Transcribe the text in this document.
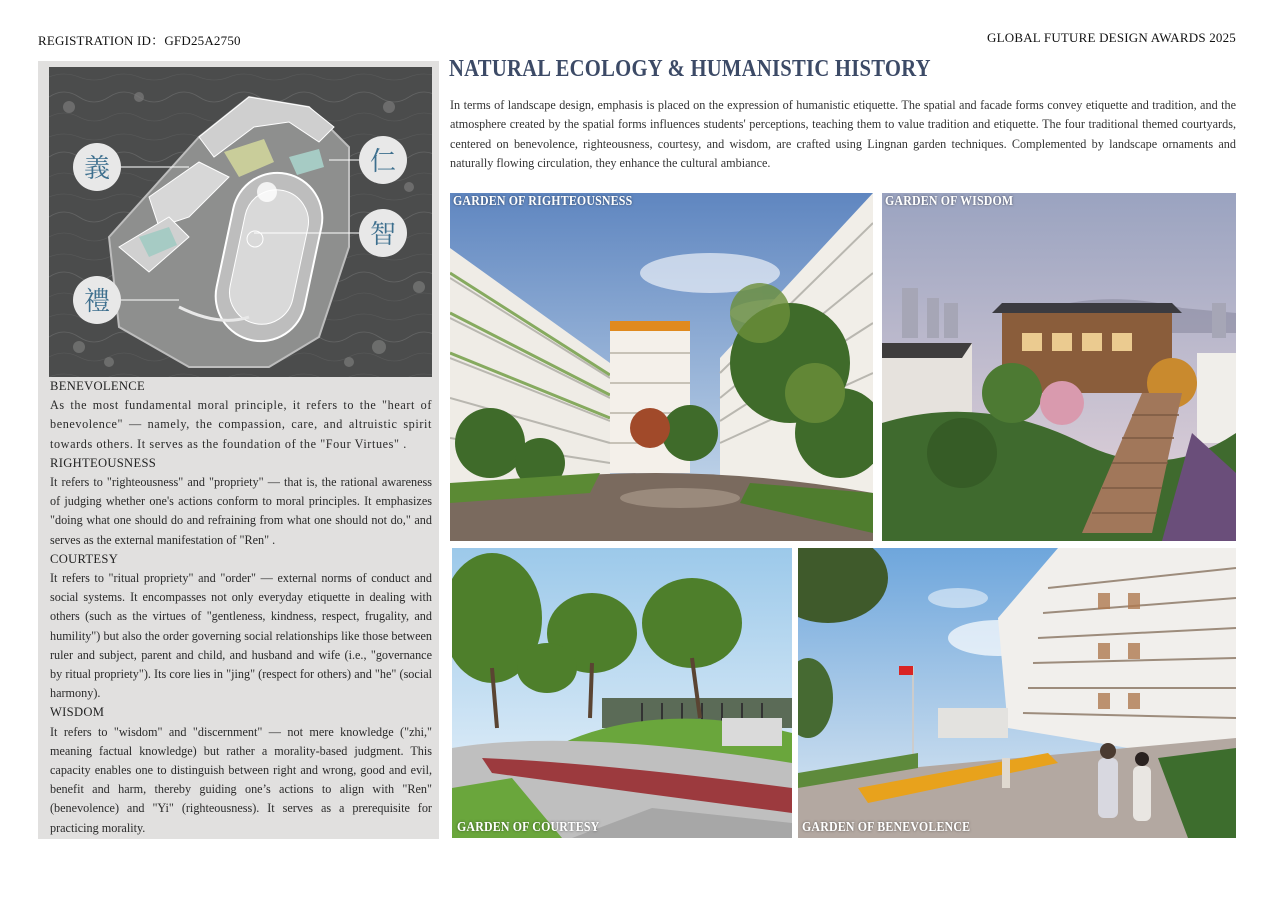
REGISTRATION ID：GFD25A2750	GLOBAL FUTURE DESIGN AWARDS 2025
義
禮
仁
智
BENEVOLENCE

As the most fundamental moral principle, it refers to the "heart of benevolence" — namely, the compassion, care, and altruistic spirit towards others. It serves as the foundation of the "Four Virtues" .

RIGHTEOUSNESS

It refers to "righteousness" and "propriety" — that is, the rational awareness of judging whether one's actions conform to moral principles. It emphasizes "doing what one should do and refraining from what one should not do," and serves as the external manifestation of "Ren" .

COURTESY

It refers to "ritual propriety" and "order" — external norms of conduct and social systems. It encompasses not only everyday etiquette in dealing with others (such as the virtues of "gentleness, kindness, respect, frugality, and humility") but also the order governing social relationships like those between ruler and subject, parent and child, and husband and wife (i.e., "governance by ritual propriety"). Its core lies in "jing" (respect for others) and "he" (social harmony).

WISDOM

It refers to "wisdom" and "discernment" — not mere knowledge ("zhi," meaning factual knowledge) but rather a morality-based judgment. This capacity enables one to distinguish between right and wrong, good and evil, benefit and harm, thereby guiding one’s actions to align with "Ren" (benevolence) and "Yi" (righteousness). It serves as a prerequisite for practicing morality.

NATURAL ECOLOGY & HUMANISTIC HISTORY

In terms of landscape design, emphasis is placed on the expression of humanistic etiquette. The spatial and facade forms convey etiquette and tradition, and the atmosphere created by the spatial forms influences students' perceptions, teaching them to value tradition and etiquette. The four traditional themed courtyards, centered on benevolence, righteousness, courtesy, and wisdom, are crafted using Lingnan garden techniques. Complemented by landscape ornaments and naturally flowing circulation, they enhance the cultural ambiance.

GARDEN OF RIGHTEOUSNESS	GARDEN OF WISDOM
GARDEN OF COURTESY	GARDEN OF BENEVOLENCE
